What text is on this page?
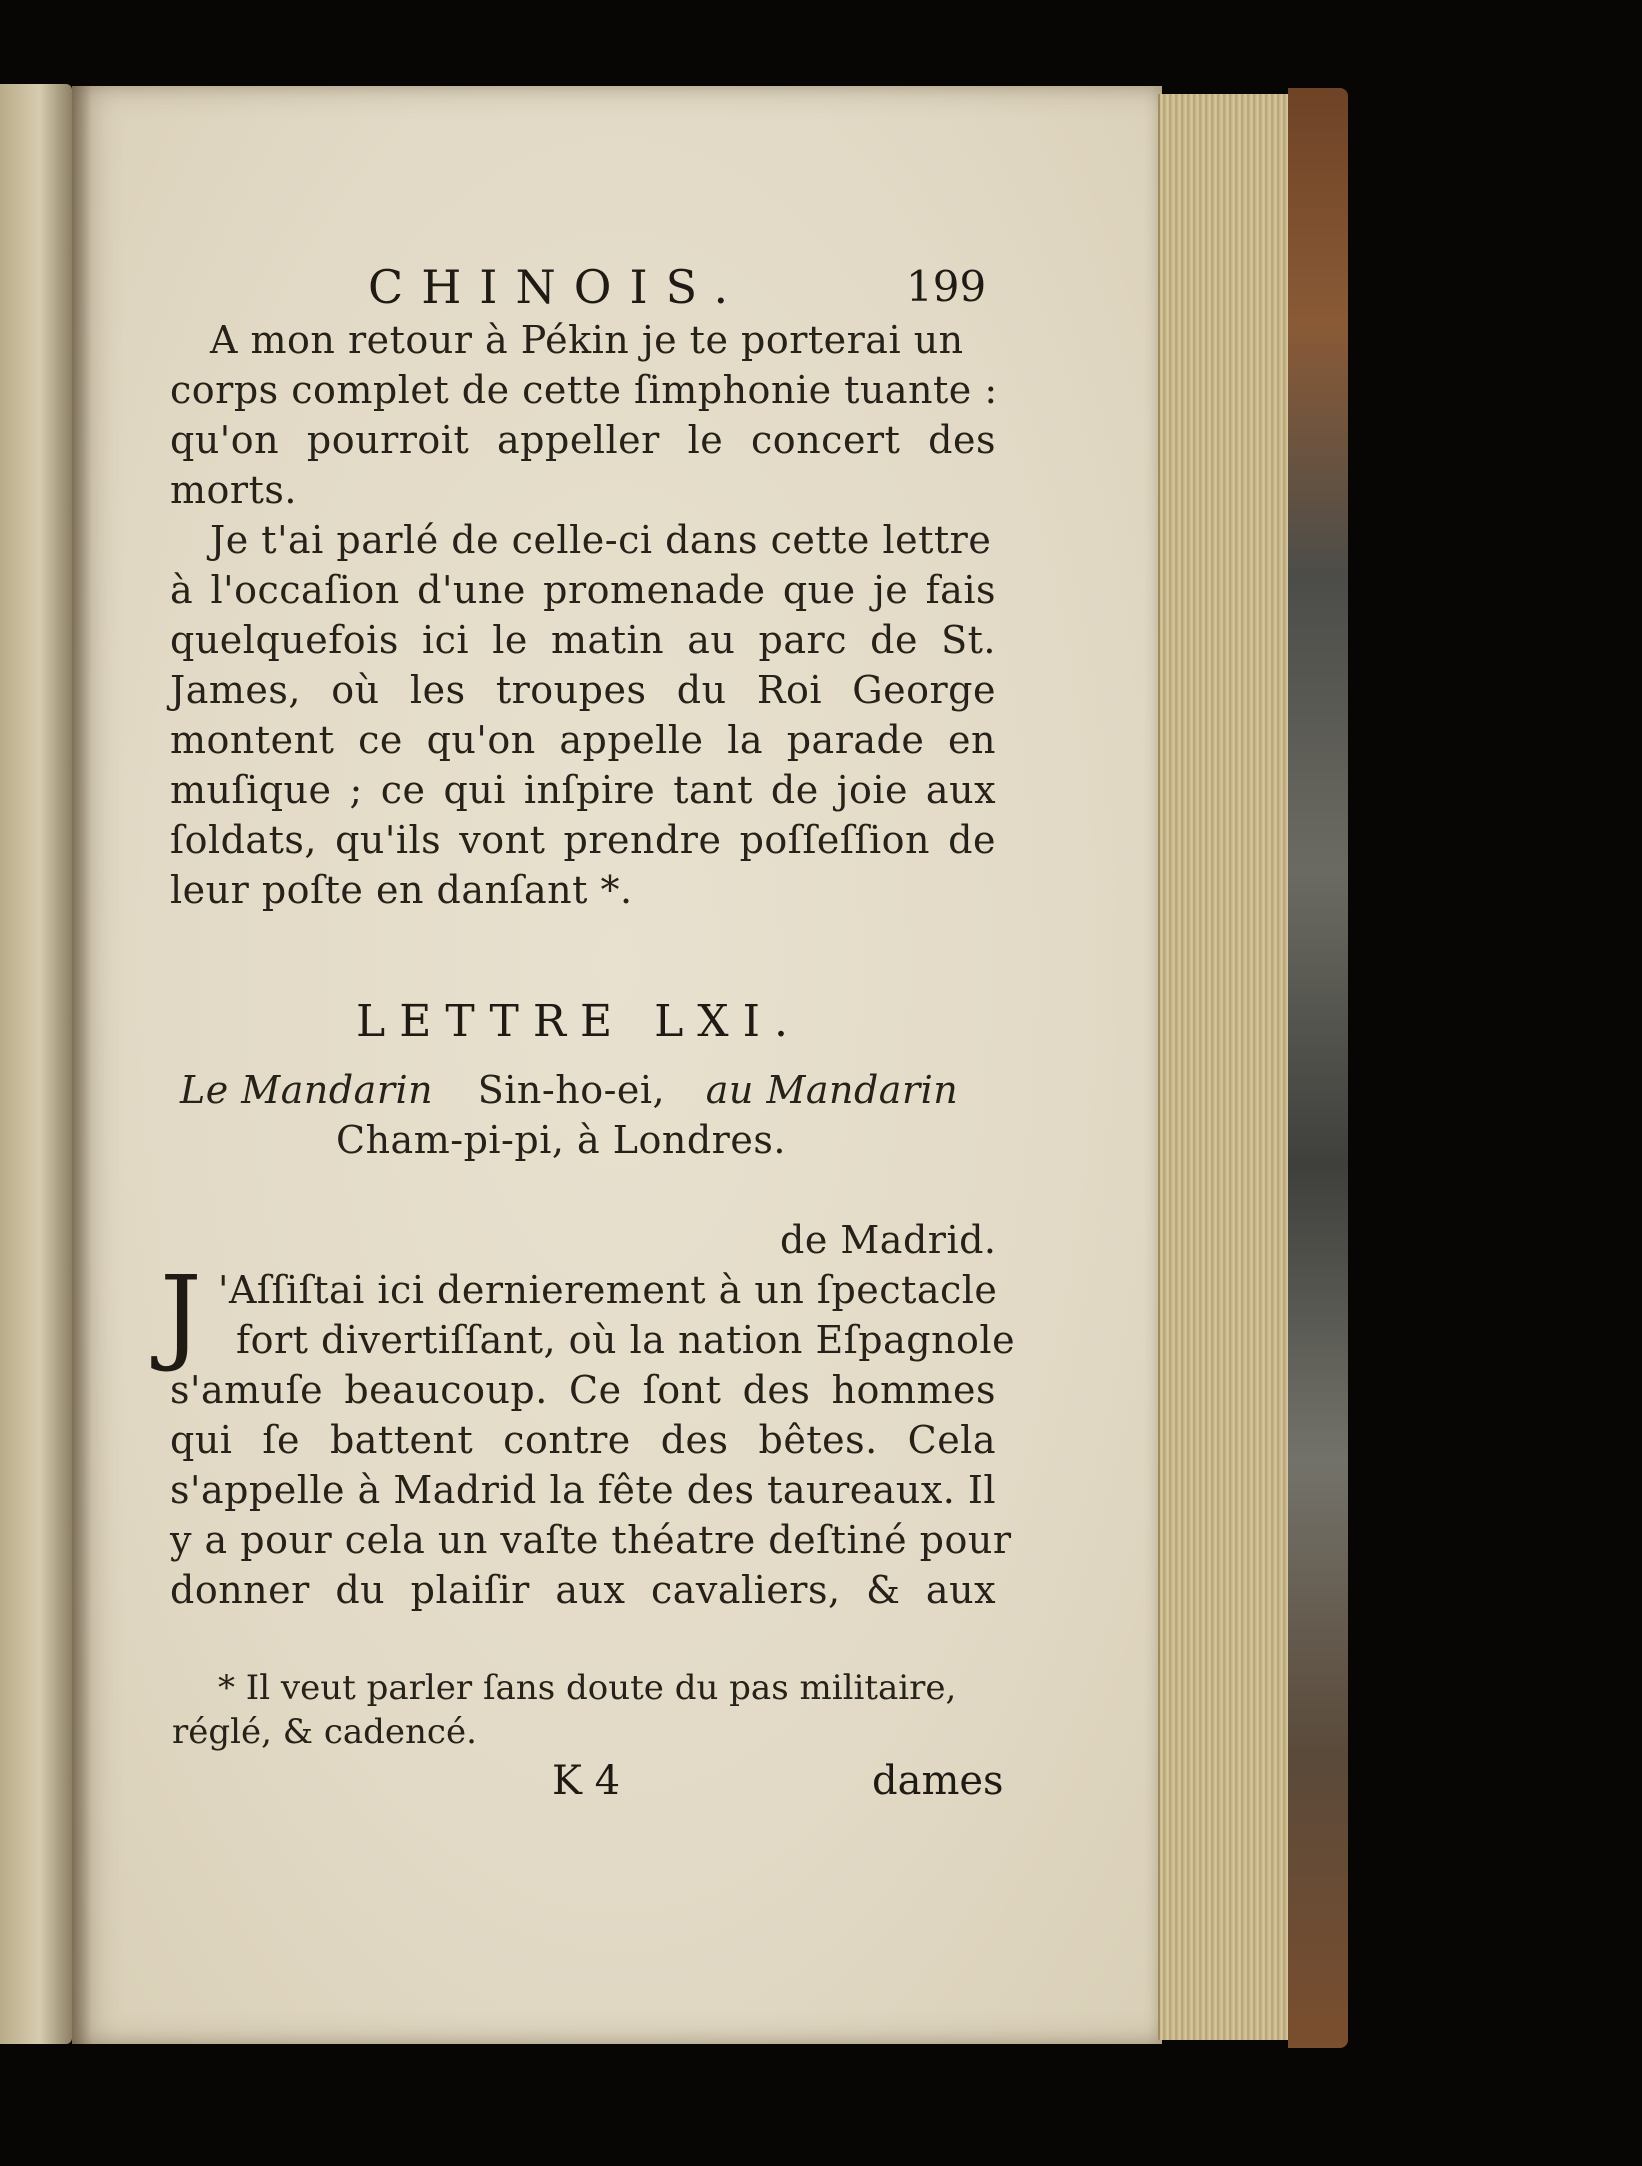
CHINOIS.	199
A mon retour à Pékin je te porterai un
corps complet de cette ſimphonie tuante :
qu'on pourroit appeller le concert des
morts.
Je t'ai parlé de celle-ci dans cette lettre
à l'occaſion d'une promenade que je fais
quelquefois ici le matin au parc de St.
James, où les troupes du Roi George
montent ce qu'on appelle la parade en
muſique ; ce qui inſpire tant de joie aux
ſoldats, qu'ils vont prendre poſſeſſion de
leur poſte en danſant *.
LETTRE LXI.
Le Mandarin Sin-ho-ei, au Mandarin
Cham-pi-pi, à Londres.
de Madrid.
J 'Aſſiſtai ici dernierement à un ſpectacle
fort divertiſſant, où la nation Eſpagnole
s'amuſe beaucoup. Ce ſont des hommes
qui ſe battent contre des bêtes. Cela
s'appelle à Madrid la fête des taureaux. Il
y a pour cela un vaſte théatre deſtiné pour
donner du plaiſir aux cavaliers, & aux
* Il veut parler ſans doute du pas militaire,
réglé, & cadencé.
K 4	dames
